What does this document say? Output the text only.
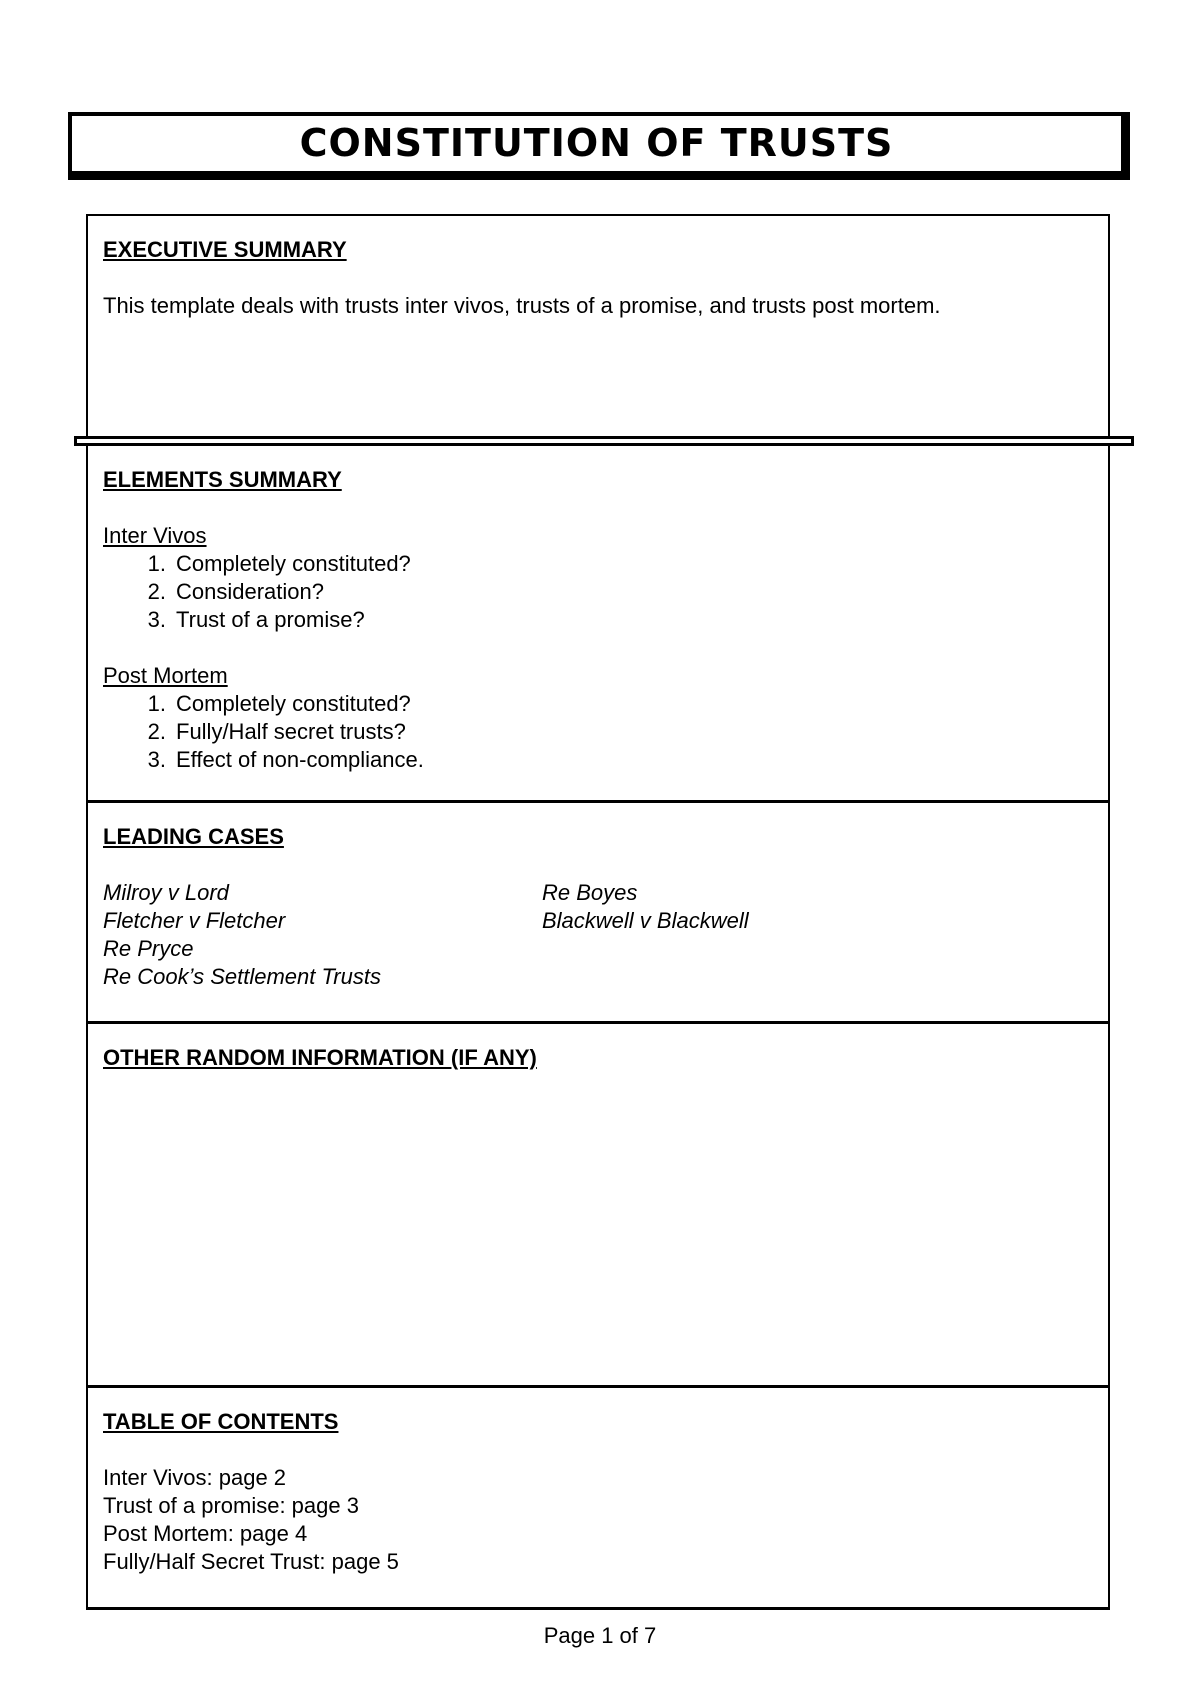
CONSTITUTION OF TRUSTS

EXECUTIVE SUMMARY

This template deals with trusts inter vivos, trusts of a promise, and trusts post mortem.

ELEMENTS SUMMARY

Inter Vivos

1. Completely constituted?
2. Consideration?
3. Trust of a promise?

Post Mortem

1. Completely constituted?
2. Fully/Half secret trusts?
3. Effect of non-compliance.

LEADING CASES

Milroy v Lord
Fletcher v Fletcher
Re Pryce
Re Cook’s Settlement Trusts
Re Boyes
Blackwell v Blackwell

OTHER RANDOM INFORMATION (IF ANY)

TABLE OF CONTENTS

Inter Vivos: page 2
Trust of a promise: page 3
Post Mortem: page 4
Fully/Half Secret Trust: page 5
Page 1 of 7
